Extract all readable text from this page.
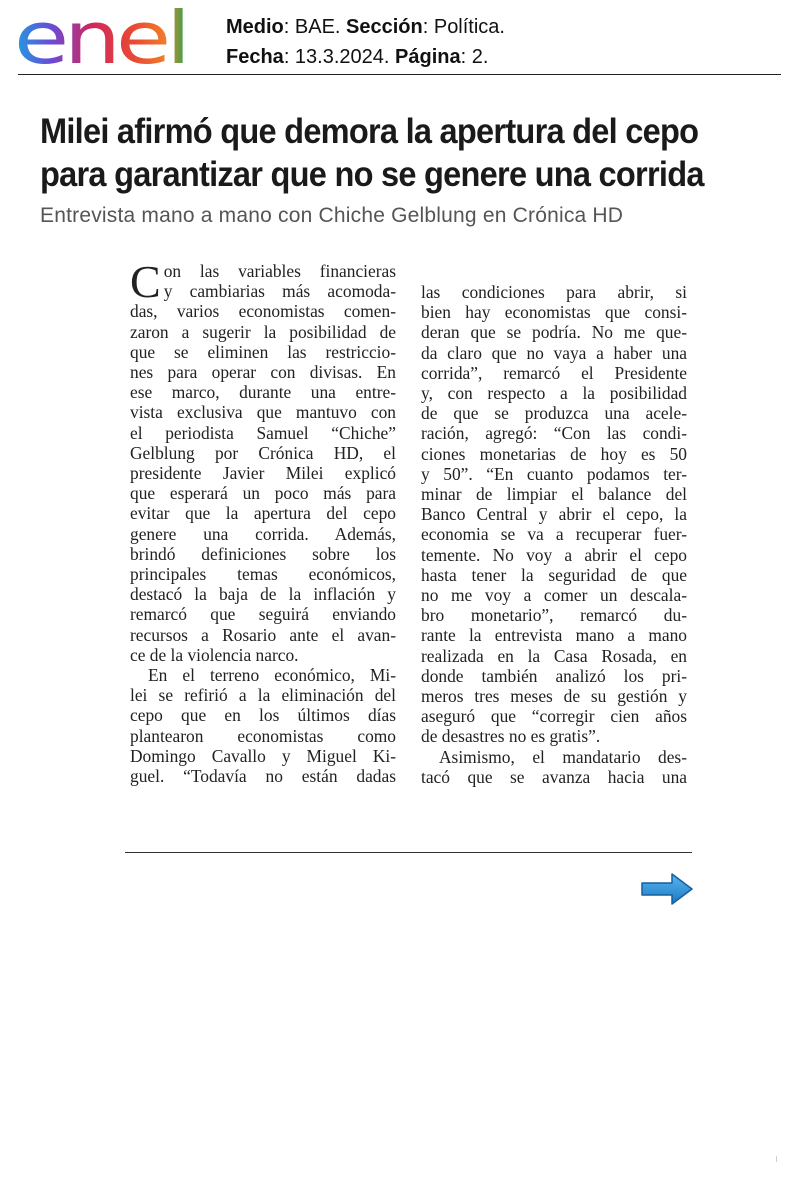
enel Medio: BAE. Sección: Política.
Fecha: 13.3.2024. Página: 2.
Milei afirmó que demora la apertura del cepo
para garantizar que no se genere una corrida

Entrevista mano a mano con Chiche Gelblung en Crónica HD

C on las variables financieras
y cambiarias más acomoda-
das, varios economistas comen-
zaron a sugerir la posibilidad de
que se eliminen las restriccio-
nes para operar con divisas. En
ese marco, durante una entre-
vista exclusiva que mantuvo con
el periodista Samuel “Chiche”
Gelblung por Crónica HD, el
presidente Javier Milei explicó
que esperará un poco más para
evitar que la apertura del cepo
genere una corrida. Además,
brindó definiciones sobre los
principales temas económicos,
destacó la baja de la inflación y
remarcó que seguirá enviando
recursos a Rosario ante el avan-
ce de la violencia narco.
En el terreno económico, Mi-
lei se refirió a la eliminación del
cepo que en los últimos días
plantearon economistas como
Domingo Cavallo y Miguel Ki-
guel. “Todavía no están dadas
las condiciones para abrir, si
bien hay economistas que consi-
deran que se podría. No me que-
da claro que no vaya a haber una
corrida”, remarcó el Presidente
y, con respecto a la posibilidad
de que se produzca una acele-
ración, agregó: “Con las condi-
ciones monetarias de hoy es 50
y 50”. “En cuanto podamos ter-
minar de limpiar el balance del
Banco Central y abrir el cepo, la
economia se va a recuperar fuer-
temente. No voy a abrir el cepo
hasta tener la seguridad de que
no me voy a comer un descala-
bro monetario”, remarcó du-
rante la entrevista mano a mano
realizada en la Casa Rosada, en
donde también analizó los pri-
meros tres meses de su gestión y
aseguró que “corregir cien años
de desastres no es gratis”.
Asimismo, el mandatario des-
tacó que se avanza hacia una
